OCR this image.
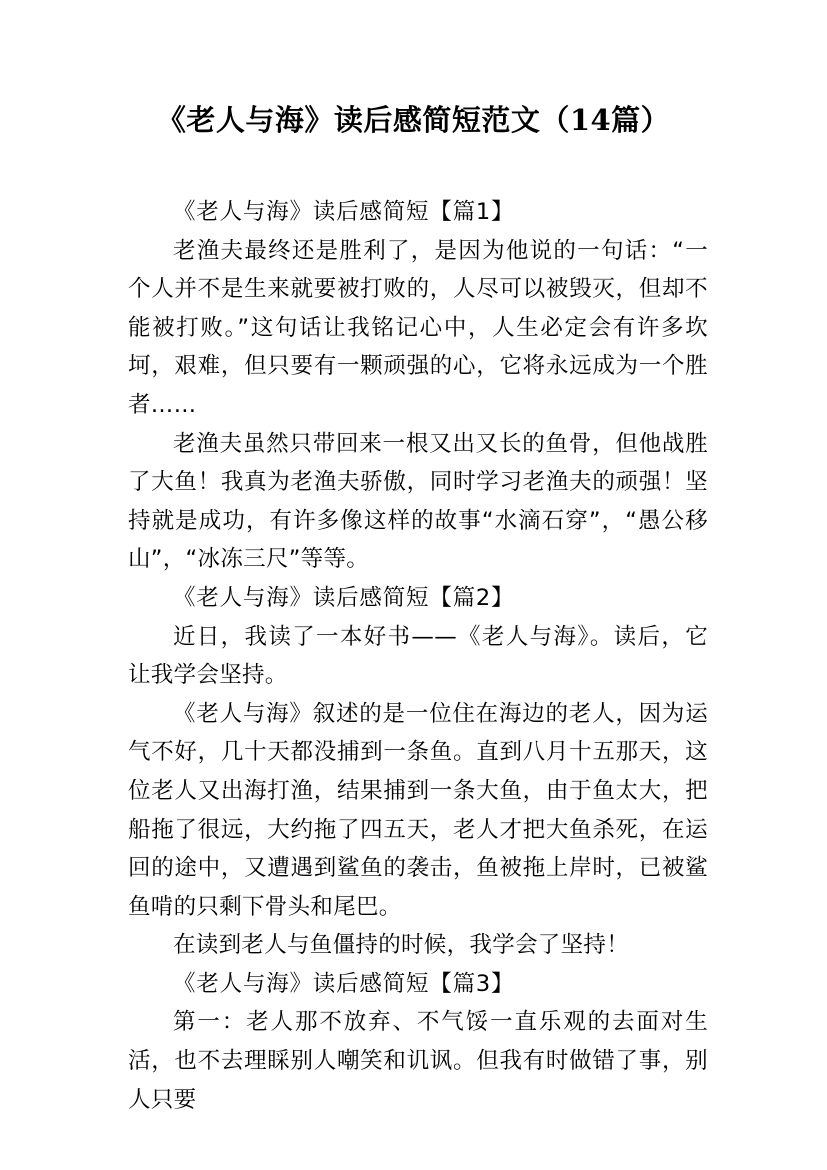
《老人与海》读后感简短范文（14篇）

《老人与海》读后感简短【篇1】

老渔夫最终还是胜利了，是因为他说的一句话：“一个人并不是生来就要被打败的，人尽可以被毁灭，但却不能被打败。”这句话让我铭记心中，人生必定会有许多坎坷，艰难，但只要有一颗顽强的心，它将永远成为一个胜者……

老渔夫虽然只带回来一根又出又长的鱼骨，但他战胜了大鱼！我真为老渔夫骄傲，同时学习老渔夫的顽强！坚持就是成功，有许多像这样的故事“水滴石穿”，“愚公移山”，“冰冻三尺”等等。

《老人与海》读后感简短【篇2】

近日，我读了一本好书——《老人与海》。读后，它让我学会坚持。

《老人与海》叙述的是一位住在海边的老人，因为运气不好，几十天都没捕到一条鱼。直到八月十五那天，这位老人又出海打渔，结果捕到一条大鱼，由于鱼太大，把船拖了很远，大约拖了四五天，老人才把大鱼杀死，在运回的途中，又遭遇到鲨鱼的袭击，鱼被拖上岸时，已被鲨鱼啃的只剩下骨头和尾巴。

在读到老人与鱼僵持的时候，我学会了坚持！

《老人与海》读后感简短【篇3】

第一：老人那不放弃、不气馁一直乐观的去面对生活，也不去理睬别人嘲笑和讥讽。但我有时做错了事，别人只要
